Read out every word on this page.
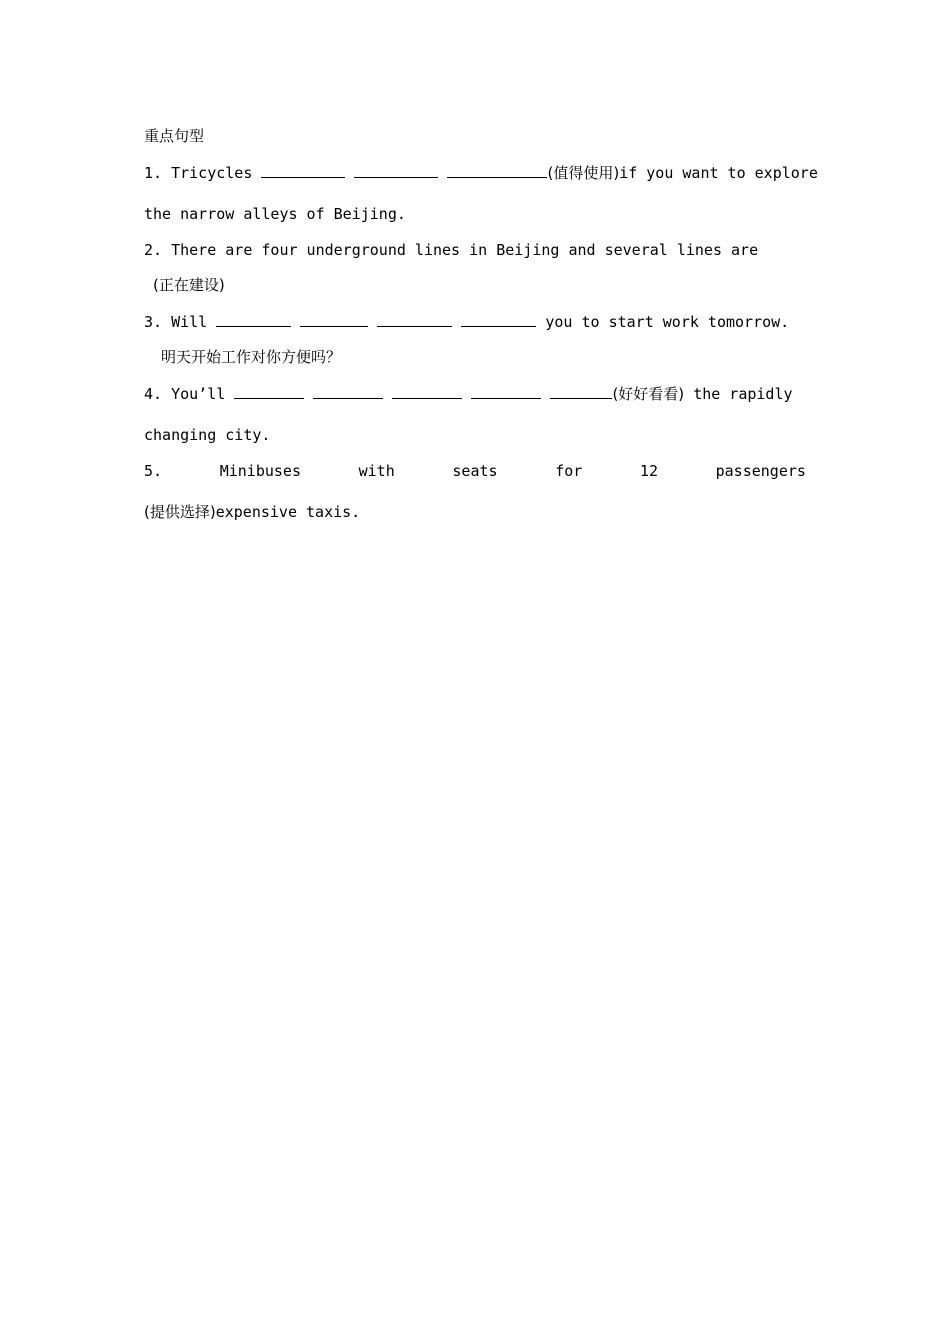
重点句型
1. Tricycles	(值得使用)if you want to explore
the narrow alleys of Beijing.
2. There are four underground lines in Beijing and several lines are
(正在建设)
3. Will	you to start work tomorrow.
明天开始工作对你方便吗？
4. You’ll	(好好看看) the rapidly
changing city.
5.	Minibuses	with	seats	for	12	passengers
(提供选择)expensive taxis.
